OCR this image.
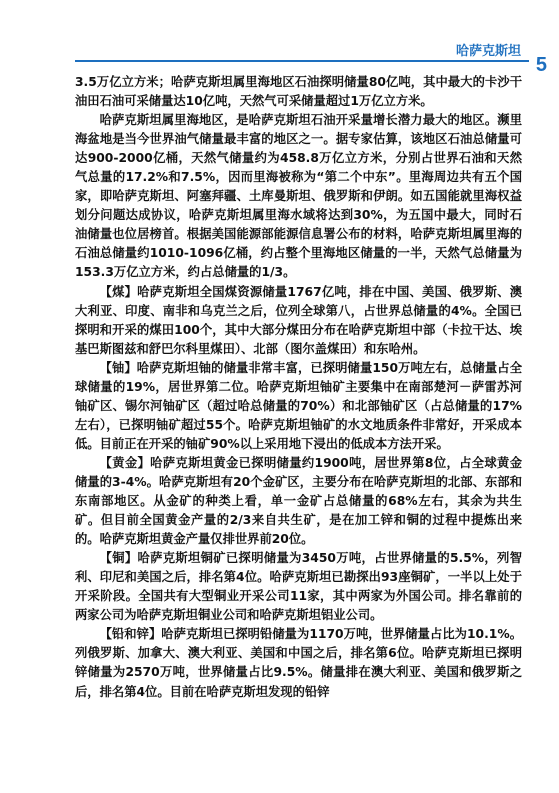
哈萨克斯坦
5

3.5万亿立方米；哈萨克斯坦属里海地区石油探明储量80亿吨，其中最大的卡沙干油田石油可采储量达10亿吨，天然气可采储量超过1万亿立方米。

哈萨克斯坦属里海地区，是哈萨克斯坦石油开采量增长潜力最大的地区。濒里海盆地是当今世界油气储量最丰富的地区之一。据专家估算，该地区石油总储量可达900-2000亿桶，天然气储量约为458.8万亿立方米，分别占世界石油和天然气总量的17.2%和7.5%，因而里海被称为“第二个中东”。里海周边共有五个国家，即哈萨克斯坦、阿塞拜疆、土库曼斯坦、俄罗斯和伊朗。如五国能就里海权益划分问题达成协议，哈萨克斯坦属里海水域将达到30%，为五国中最大，同时石油储量也位居榜首。根据美国能源部能源信息署公布的材料，哈萨克斯坦属里海的石油总储量约1010-1096亿桶，约占整个里海地区储量的一半，天然气总储量为153.3万亿立方米，约占总储量的1/3。

【煤】哈萨克斯坦全国煤资源储量1767亿吨，排在中国、美国、俄罗斯、澳大利亚、印度、南非和乌克兰之后，位列全球第八，占世界总储量的4%。全国已探明和开采的煤田100个，其中大部分煤田分布在哈萨克斯坦中部（卡拉干达、埃基巴斯图兹和舒巴尔科里煤田）、北部（图尔盖煤田）和东哈州。

【铀】哈萨克斯坦铀的储量非常丰富，已探明储量150万吨左右，总储量占全球储量的19%，居世界第二位。哈萨克斯坦铀矿主要集中在南部楚河－萨雷苏河铀矿区、锡尔河铀矿区（超过哈总储量的70%）和北部铀矿区（占总储量的17%左右），已探明铀矿超过55个。哈萨克斯坦铀矿的水文地质条件非常好，开采成本低。目前正在开采的铀矿90%以上采用地下浸出的低成本方法开采。

【黄金】哈萨克斯坦黄金已探明储量约1900吨，居世界第8位，占全球黄金储量的3-4%。哈萨克斯坦有20个金矿区，主要分布在哈萨克斯坦的北部、东部和东南部地区。从金矿的种类上看，单一金矿占总储量的68%左右，其余为共生矿。但目前全国黄金产量的2/3来自共生矿，是在加工锌和铜的过程中提炼出来的。哈萨克斯坦黄金产量仅排世界前20位。

【铜】哈萨克斯坦铜矿已探明储量为3450万吨，占世界储量的5.5%，列智利、印尼和美国之后，排名第4位。哈萨克斯坦已勘探出93座铜矿，一半以上处于开采阶段。全国共有大型铜业开采公司11家，其中两家为外国公司。排名靠前的两家公司为哈萨克斯坦铜业公司和哈萨克斯坦铝业公司。

【铅和锌】哈萨克斯坦已探明铅储量为1170万吨，世界储量占比为10.1%。列俄罗斯、加拿大、澳大利亚、美国和中国之后，排名第6位。哈萨克斯坦已探明锌储量为2570万吨，世界储量占比9.5%。储量排在澳大利亚、美国和俄罗斯之后，排名第4位。目前在哈萨克斯坦发现的铅锌
